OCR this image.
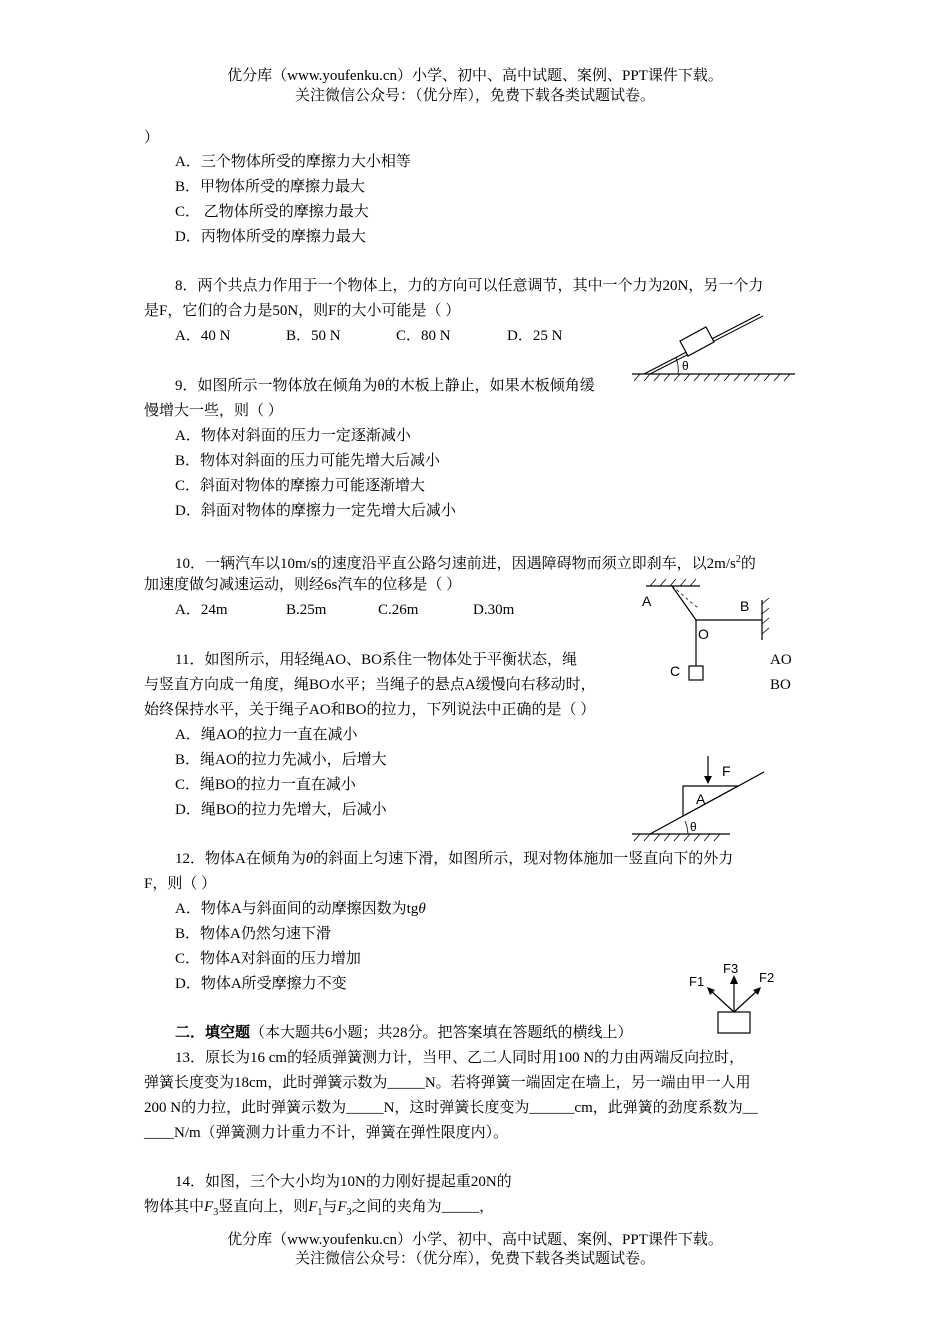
优分库（www.youfenku.cn）小学、初中、高中试题、案例、PPT课件下载。
关注微信公众号：（优分库），免费下载各类试题试卷。
）
A．三个物体所受的摩擦力大小相等
B．甲物体所受的摩擦力最大
C． 乙物体所受的摩擦力最大
D．丙物体所受的摩擦力最大
8．两个共点力作用于一个物体上，力的方向可以任意调节，其中一个力为20N，另一个力
是F，它们的合力是50N，则F的大小可能是（ ）
A．40 N	B．50 N	C．80 N	D．25 N
θ
9．如图所示一物体放在倾角为θ的木板上静止，如果木板倾角缓
慢增大一些，则（ ）
A．物体对斜面的压力一定逐渐减小
B．物体对斜面的压力可能先增大后减小
C．斜面对物体的摩擦力可能逐渐增大
D．斜面对物体的摩擦力一定先增大后减小
10．一辆汽车以10m/s的速度沿平直公路匀速前进，因遇障碍物而须立即刹车，以$2m/s^2$的
加速度做匀减速运动，则经6s汽车的位移是（ ）
A．24m	B.25m	C.26m	D.30m
A	B
O
C
11．如图所示，用轻绳AO、BO系住一物体处于平衡状态，绳	AO
与竖直方向成一角度，绳BO水平；当绳子的悬点A缓慢向右移动时，	BO
始终保持水平，关于绳子AO和BO的拉力，下列说法中正确的是（ ）
A．绳AO的拉力一直在减小
B．绳AO的拉力先减小，后增大
C．绳BO的拉力一直在减小
D．绳BO的拉力先增大，后减小
F
A
θ
12．物体A在倾角为θ的斜面上匀速下滑，如图所示，现对物体施加一竖直向下的外力
F，则（ ）
A．物体A与斜面间的动摩擦因数为tgθ
B．物体A仍然匀速下滑
C．物体A对斜面的压力增加
D．物体A所受摩擦力不变	F1
F3
F2
二．填空题（本大题共6小题；共28分。把答案填在答题纸的横线上）
13．原长为16 cm的轻质弹簧测力计，当甲、乙二人同时用100 N的力由两端反向拉时，
弹簧长度变为18cm，此时弹簧示数为_____N。若将弹簧一端固定在墙上，另一端由甲一人用
200 N的力拉，此时弹簧示数为_____N，这时弹簧长度变为______cm，此弹簧的劲度系数为__
____N/m（弹簧测力计重力不计，弹簧在弹性限度内）。
14．如图，三个大小均为10N的力刚好提起重20N的
物体其中$F_3$竖直向上，则$F_1$与$F_3$之间的夹角为_____，
优分库（www.youfenku.cn）小学、初中、高中试题、案例、PPT课件下载。
关注微信公众号：（优分库），免费下载各类试题试卷。
